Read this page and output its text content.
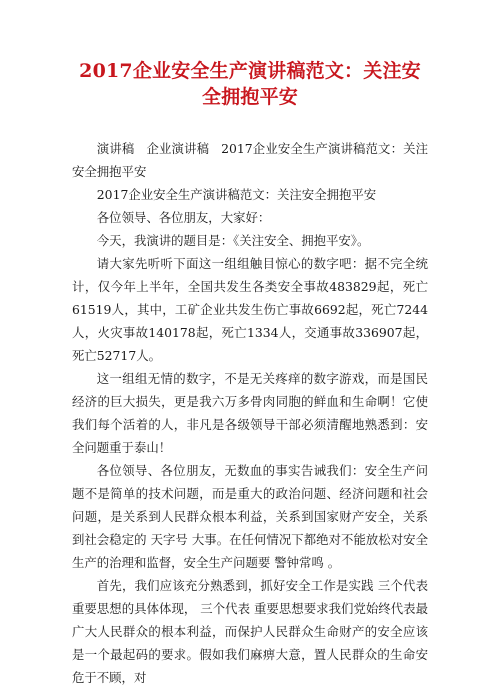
2017企业安全生产演讲稿范文：关注安全拥抱平安

演讲稿 企业演讲稿 2017企业安全生产演讲稿范文：关注安全拥抱平安

2017企业安全生产演讲稿范文：关注安全拥抱平安

各位领导、各位朋友，大家好：

今天，我演讲的题目是：《关注安全、拥抱平安》。

请大家先听听下面这一组组触目惊心的数字吧：据不完全统计，仅今年上半年，全国共发生各类安全事故483829起，死亡61519人，其中，工矿企业共发生伤亡事故6692起，死亡7244人，火灾事故140178起，死亡1334人，交通事故336907起，死亡52717人。

这一组组无情的数字，不是无关疼痒的数字游戏，而是国民经济的巨大损失，更是我六万多骨肉同胞的鲜血和生命啊！它使我们每个活着的人，非凡是各级领导干部必须清醒地熟悉到：安全问题重于泰山！

各位领导、各位朋友，无数血的事实告诫我们：安全生产问题不是简单的技术问题，而是重大的政治问题、经济问题和社会问题，是关系到人民群众根本利益，关系到国家财产安全，关系到社会稳定的 天字号 大事。在任何情况下都绝对不能放松对安全生产的治理和监督，安全生产问题要 警钟常鸣 。

首先，我们应该充分熟悉到，抓好安全工作是实践 三个代表 重要思想的具体体现， 三个代表 重要思想要求我们党始终代表最广大人民群众的根本利益，而保护人民群众生命财产的安全应该是一个最起码的要求。假如我们麻痹大意，置人民群众的生命安危于不顾，对
